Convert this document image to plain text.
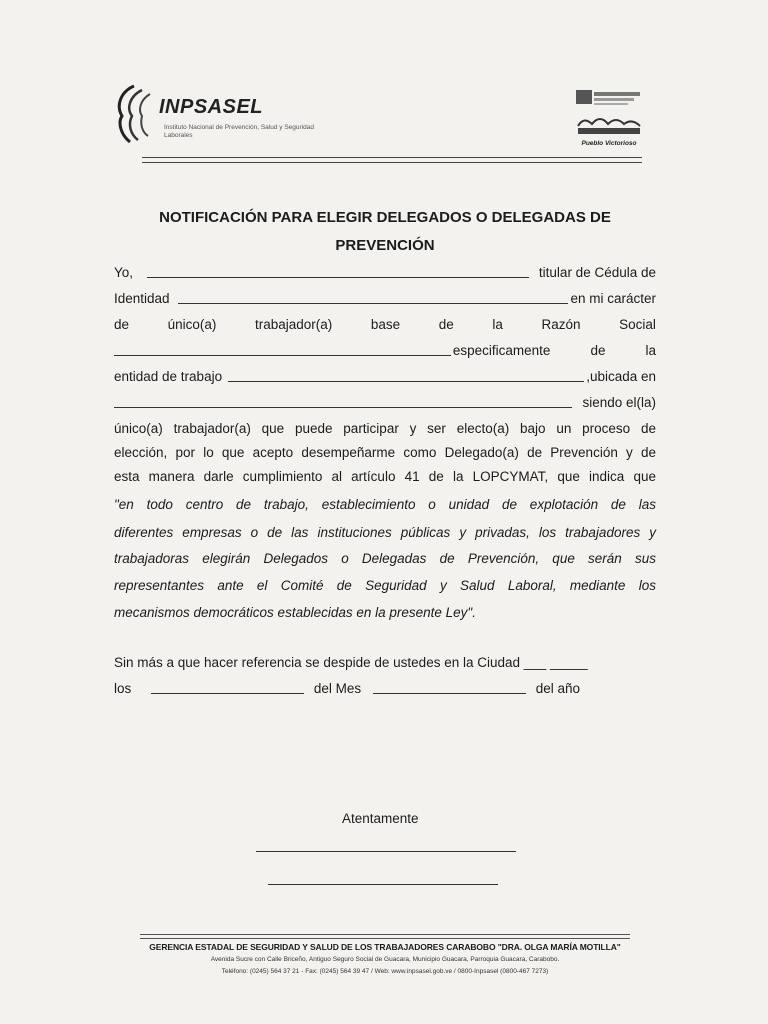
INPSASEL
Instituto Nacional de Prevención, Salud y Seguridad Laborales
Pueblo Victorioso
NOTIFICACIÓN PARA ELEGIR DELEGADOS O DELEGADAS DE
PREVENCIÓN
Yo,	titular de Cédula de
Identidad	en mi carácter
de	único(a)	trabajador(a)	base	de	la	Razón	Social
especificamente	de	la
entidad de trabajo	,ubicada en
siendo el(la)
único(a) trabajador(a) que puede participar y ser electo(a) bajo un proceso de
elección, por lo que acepto desempeñarme como Delegado(a) de Prevención y de
esta manera darle cumplimiento al artículo 41 de la LOPCYMAT, que indica que
"en todo centro de trabajo, establecimiento o unidad de explotación de las
diferentes empresas o de las instituciones públicas y privadas, los trabajadores y
trabajadoras elegirán Delegados o Delegadas de Prevención, que serán sus
representantes ante el Comité de Seguridad y Salud Laboral, mediante los
mecanismos democráticos establecidas en la presente Ley".
Sin más a que hacer referencia se despide de ustedes en la Ciudad ___ _____
los	del Mes	del año
Atentamente
GERENCIA ESTADAL DE SEGURIDAD Y SALUD DE LOS TRABAJADORES CARABOBO "DRA. OLGA MARÍA MOTILLA"
Avenida Sucre con Calle Briceño, Antiguo Seguro Social de Guacara, Municipio Guacara, Parroquia Guacara, Carabobo.
Teléfono: (0245) 564 37 21 - Fax: (0245) 564 39 47 / Web: www.inpsasel.gob.ve / 0800-Inpsasel (0800-467 7273)
